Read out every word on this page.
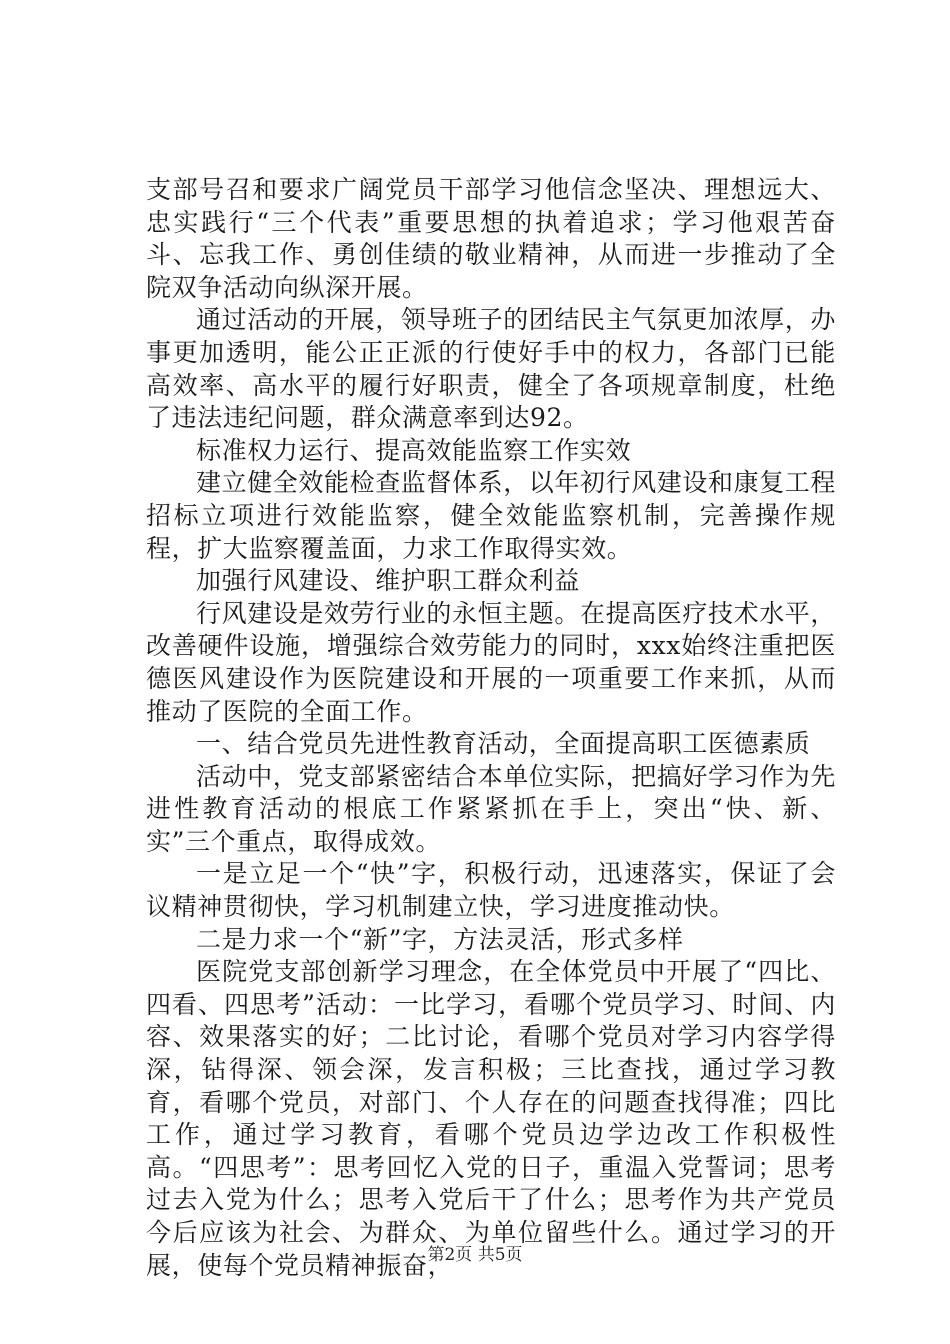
支部号召和要求广阔党员干部学习他信念坚决、理想远大、忠实践行“三个代表”重要思想的执着追求；学习他艰苦奋斗、忘我工作、勇创佳绩的敬业精神，从而进一步推动了全院双争活动向纵深开展。

通过活动的开展，领导班子的团结民主气氛更加浓厚，办事更加透明，能公正正派的行使好手中的权力，各部门已能高效率、高水平的履行好职责，健全了各项规章制度，杜绝了违法违纪问题，群众满意率到达92。

标准权力运行、提高效能监察工作实效

建立健全效能检查监督体系，以年初行风建设和康复工程招标立项进行效能监察，健全效能监察机制，完善操作规程，扩大监察覆盖面，力求工作取得实效。

加强行风建设、维护职工群众利益

行风建设是效劳行业的永恒主题。在提高医疗技术水平，改善硬件设施，增强综合效劳能力的同时，xxx始终注重把医德医风建设作为医院建设和开展的一项重要工作来抓，从而推动了医院的全面工作。

一、结合党员先进性教育活动，全面提高职工医德素质

活动中，党支部紧密结合本单位实际，把搞好学习作为先进性教育活动的根底工作紧紧抓在手上，突出“快、新、实”三个重点，取得成效。

一是立足一个“快”字，积极行动，迅速落实，保证了会议精神贯彻快，学习机制建立快，学习进度推动快。

二是力求一个“新”字，方法灵活，形式多样

医院党支部创新学习理念，在全体党员中开展了“四比、四看、四思考”活动：一比学习，看哪个党员学习、时间、内容、效果落实的好；二比讨论，看哪个党员对学习内容学得深，钻得深、领会深，发言积极；三比查找，通过学习教育，看哪个党员，对部门、个人存在的问题查找得准；四比工作，通过学习教育，看哪个党员边学边改工作积极性高。“四思考”：思考回忆入党的日子，重温入党誓词；思考过去入党为什么；思考入党后干了什么；思考作为共产党员今后应该为社会、为群众、为单位留些什么。通过学习的开展，使每个党员精神振奋，

第2页 共5页
